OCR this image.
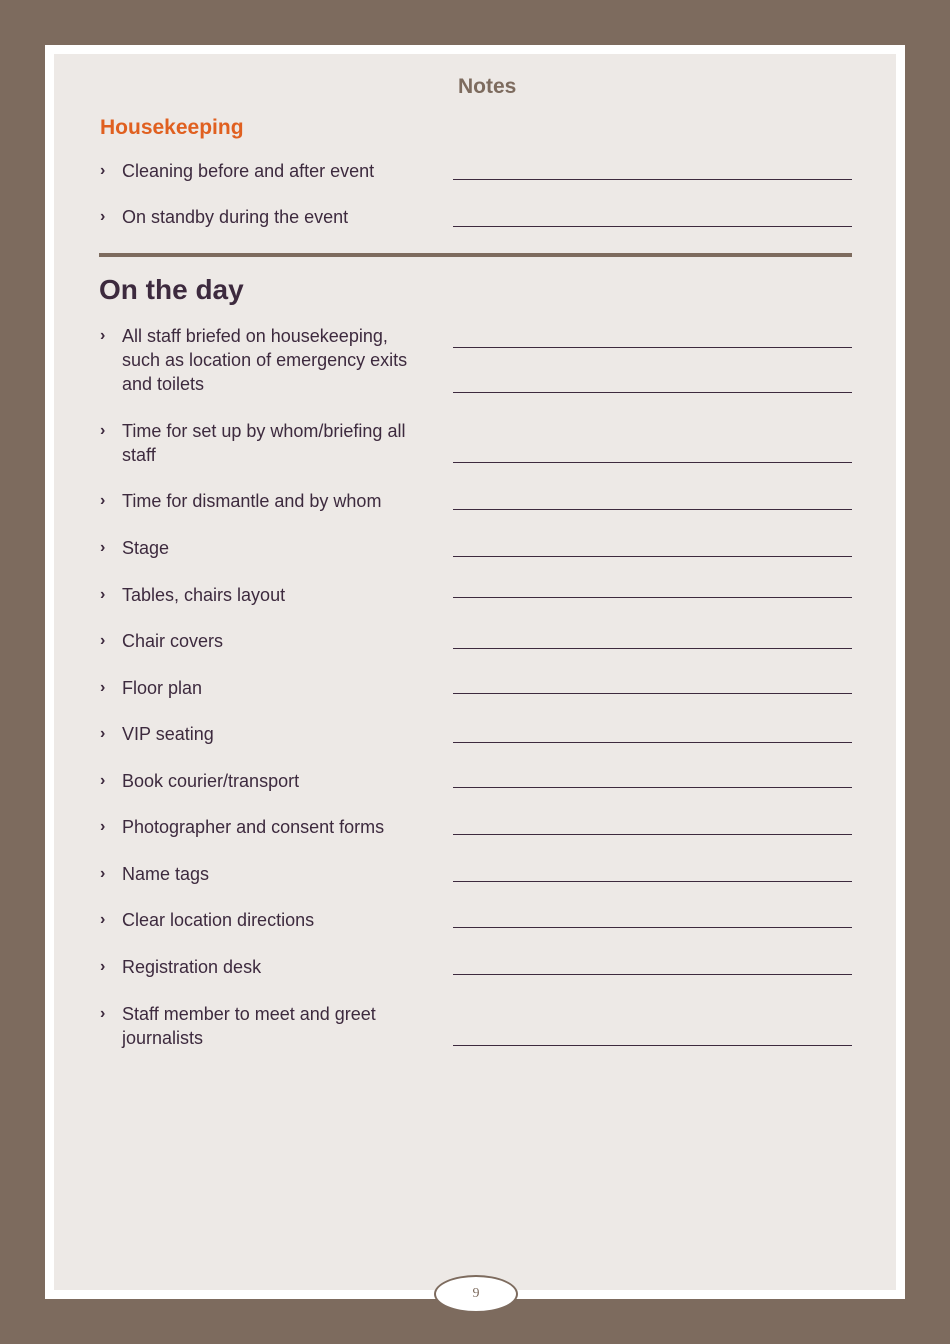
Notes
Housekeeping
On the day
› Cleaning before and after event
› On standby during the event
› All staff briefed on housekeeping, such as location of emergency exits and toilets
› Time for set up by whom/briefing all staff
› Time for dismantle and by whom
› Stage
› Tables, chairs layout
› Chair covers
› Floor plan
› VIP seating
› Book courier/transport
› Photographer and consent forms
› Name tags
› Clear location directions
› Registration desk
› Staff member to meet and greet journalists
9
